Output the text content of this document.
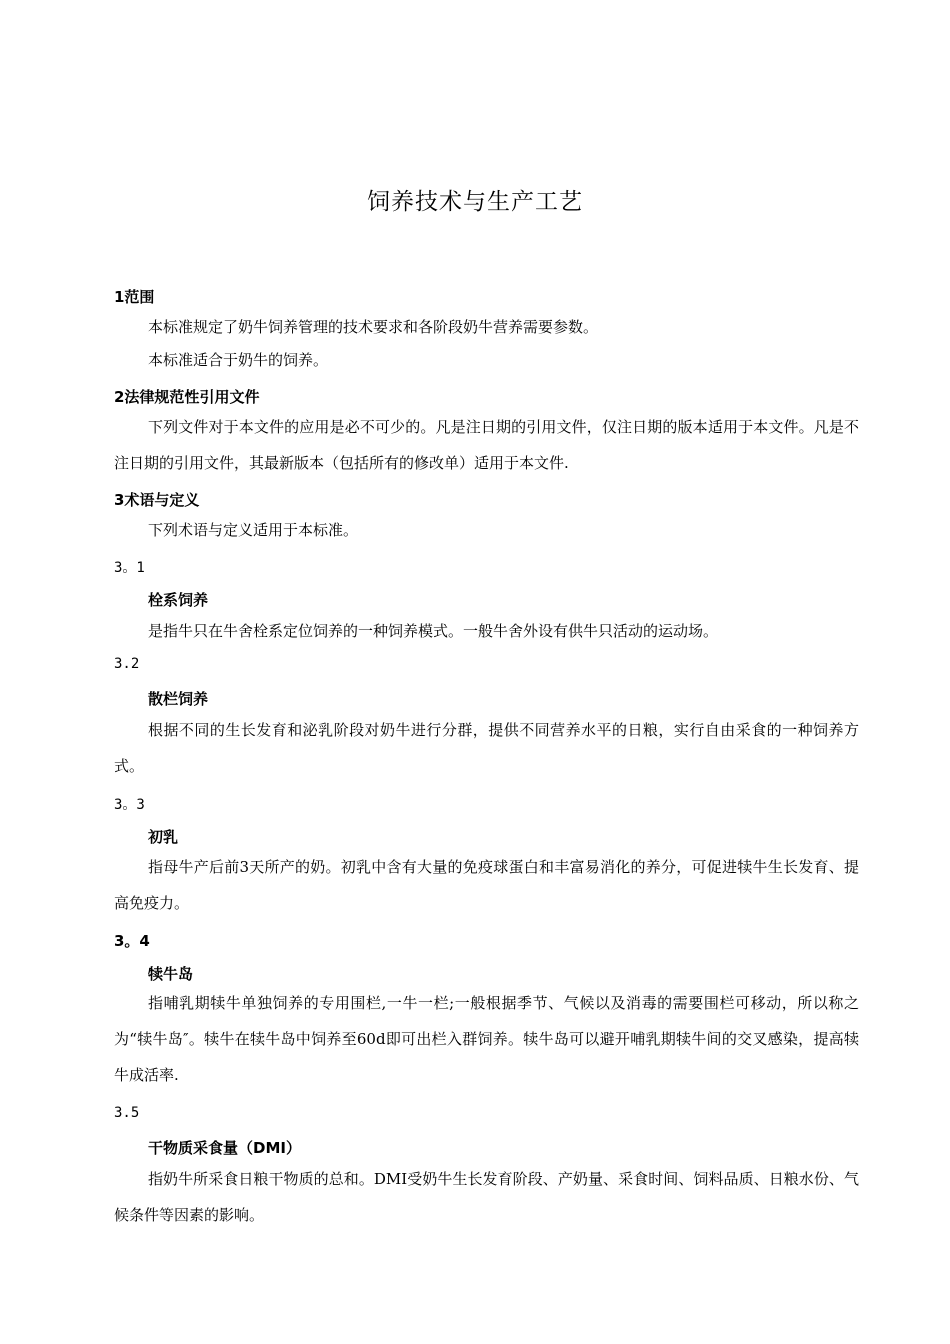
饲养技术与生产工艺
1范围

本标准规定了奶牛饲养管理的技术要求和各阶段奶牛营养需要参数。

本标准适合于奶牛的饲养。

2法律规范性引用文件

下列文件对于本文件的应用是必不可少的。凡是注日期的引用文件，仅注日期的版本适用于本文件。凡是不注日期的引用文件，其最新版本（包括所有的修改单）适用于本文件.

3术语与定义

下列术语与定义适用于本标准。

3。1
栓系饲养

是指牛只在牛舍栓系定位饲养的一种饲养模式。一般牛舍外设有供牛只活动的运动场。

3.2
散栏饲养

根据不同的生长发育和泌乳阶段对奶牛进行分群，提供不同营养水平的日粮，实行自由采食的一种饲养方式。

3。3
初乳

指母牛产后前3天所产的奶。初乳中含有大量的免疫球蛋白和丰富易消化的养分，可促进犊牛生长发育、提高免疫力。

3。4
犊牛岛

指哺乳期犊牛单独饲养的专用围栏,一牛一栏;一般根据季节、气候以及消毒的需要围栏可移动，所以称之为“犊牛岛″。犊牛在犊牛岛中饲养至60d即可出栏入群饲养。犊牛岛可以避开哺乳期犊牛间的交叉感染，提高犊牛成活率.

3.5
干物质采食量（DMI）

指奶牛所采食日粮干物质的总和。DMI受奶牛生长发育阶段、产奶量、采食时间、饲料品质、日粮水份、气候条件等因素的影响。
